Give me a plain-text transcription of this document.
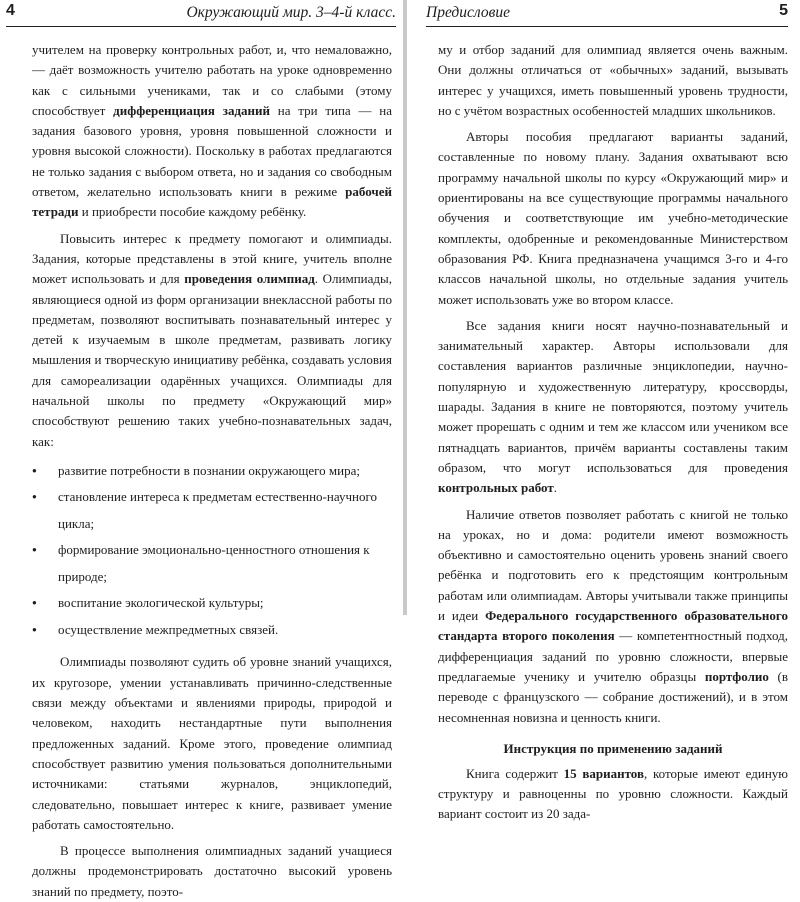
4	Окружающий мир. 3–4-й класс.

учителем на проверку контрольных работ, и, что немаловажно, — даёт возможность учителю работать на уроке одновременно как с сильными учениками, так и со слабыми (этому способствует дифференциация заданий на три типа — на задания базового уровня, уровня повышенной сложности и уровня высокой сложности). Поскольку в работах предлагаются не только задания с выбором ответа, но и задания со свободным ответом, желательно использовать книги в режиме рабочей тетради и приобрести пособие каждому ребёнку.

Повысить интерес к предмету помогают и олимпиады. Задания, которые представлены в этой книге, учитель вполне может использовать и для проведения олимпиад. Олимпиады, являющиеся одной из форм организации внеклассной работы по предметам, позволяют воспитывать познавательный интерес у детей к изучаемым в школе предметам, развивать логику мышления и творческую инициативу ребёнка, создавать условия для самореализации одарённых учащихся. Олимпиады для начальной школы по предмету «Окружающий мир» способствуют решению таких учебно-познавательных задач, как:

● развитие потребности в познании окружающего мира;
● становление интереса к предметам естественно-научного цикла;
● формирование эмоционально-ценностного отношения к природе;
● воспитание экологической культуры;
● осуществление межпредметных связей.

Олимпиады позволяют судить об уровне знаний учащихся, их кругозоре, умении устанавливать причинно-следственные связи между объектами и явлениями природы, природой и человеком, находить нестандартные пути выполнения предложенных заданий. Кроме этого, проведение олимпиад способствует развитию умения пользоваться дополнительными источниками: статьями журналов, энциклопедий, следовательно, повышает интерес к книге, развивает умение работать самостоятельно.

В процессе выполнения олимпиадных заданий учащиеся должны продемонстрировать достаточно высокий уровень знаний по предмету, поэто-

Предисловие	5

му и отбор заданий для олимпиад является очень важным. Они должны отличаться от «обычных» заданий, вызывать интерес у учащихся, иметь повышенный уровень трудности, но с учётом возрастных особенностей младших школьников.

Авторы пособия предлагают варианты заданий, составленные по новому плану. Задания охватывают всю программу начальной школы по курсу «Окружающий мир» и ориентированы на все существующие программы начального обучения и соответствующие им учебно-методические комплекты, одобренные и рекомендованные Министерством образования РФ. Книга предназначена учащимся 3-го и 4-го классов начальной школы, но отдельные задания учитель может использовать уже во втором классе.

Все задания книги носят научно-познавательный и занимательный характер. Авторы использовали для составления вариантов различные энциклопедии, научно-популярную и художественную литературу, кроссворды, шарады. Задания в книге не повторяются, поэтому учитель может прорешать с одним и тем же классом или учеником все пятнадцать вариантов, причём варианты составлены таким образом, что могут использоваться для проведения контрольных работ.

Наличие ответов позволяет работать с книгой не только на уроках, но и дома: родители имеют возможность объективно и самостоятельно оценить уровень знаний своего ребёнка и подготовить его к предстоящим контрольным работам или олимпиадам. Авторы учитывали также принципы и идеи Федерального государственного образовательного стандарта второго поколения — компетентностный подход, дифференциация заданий по уровню сложности, впервые предлагаемые ученику и учителю образцы портфолио (в переводе с французского — собрание достижений), и в этом несомненная новизна и ценность книги.

Инструкция по применению заданий

Книга содержит 15 вариантов, которые имеют единую структуру и равноценны по уровню сложности. Каждый вариант состоит из 20 зада-
